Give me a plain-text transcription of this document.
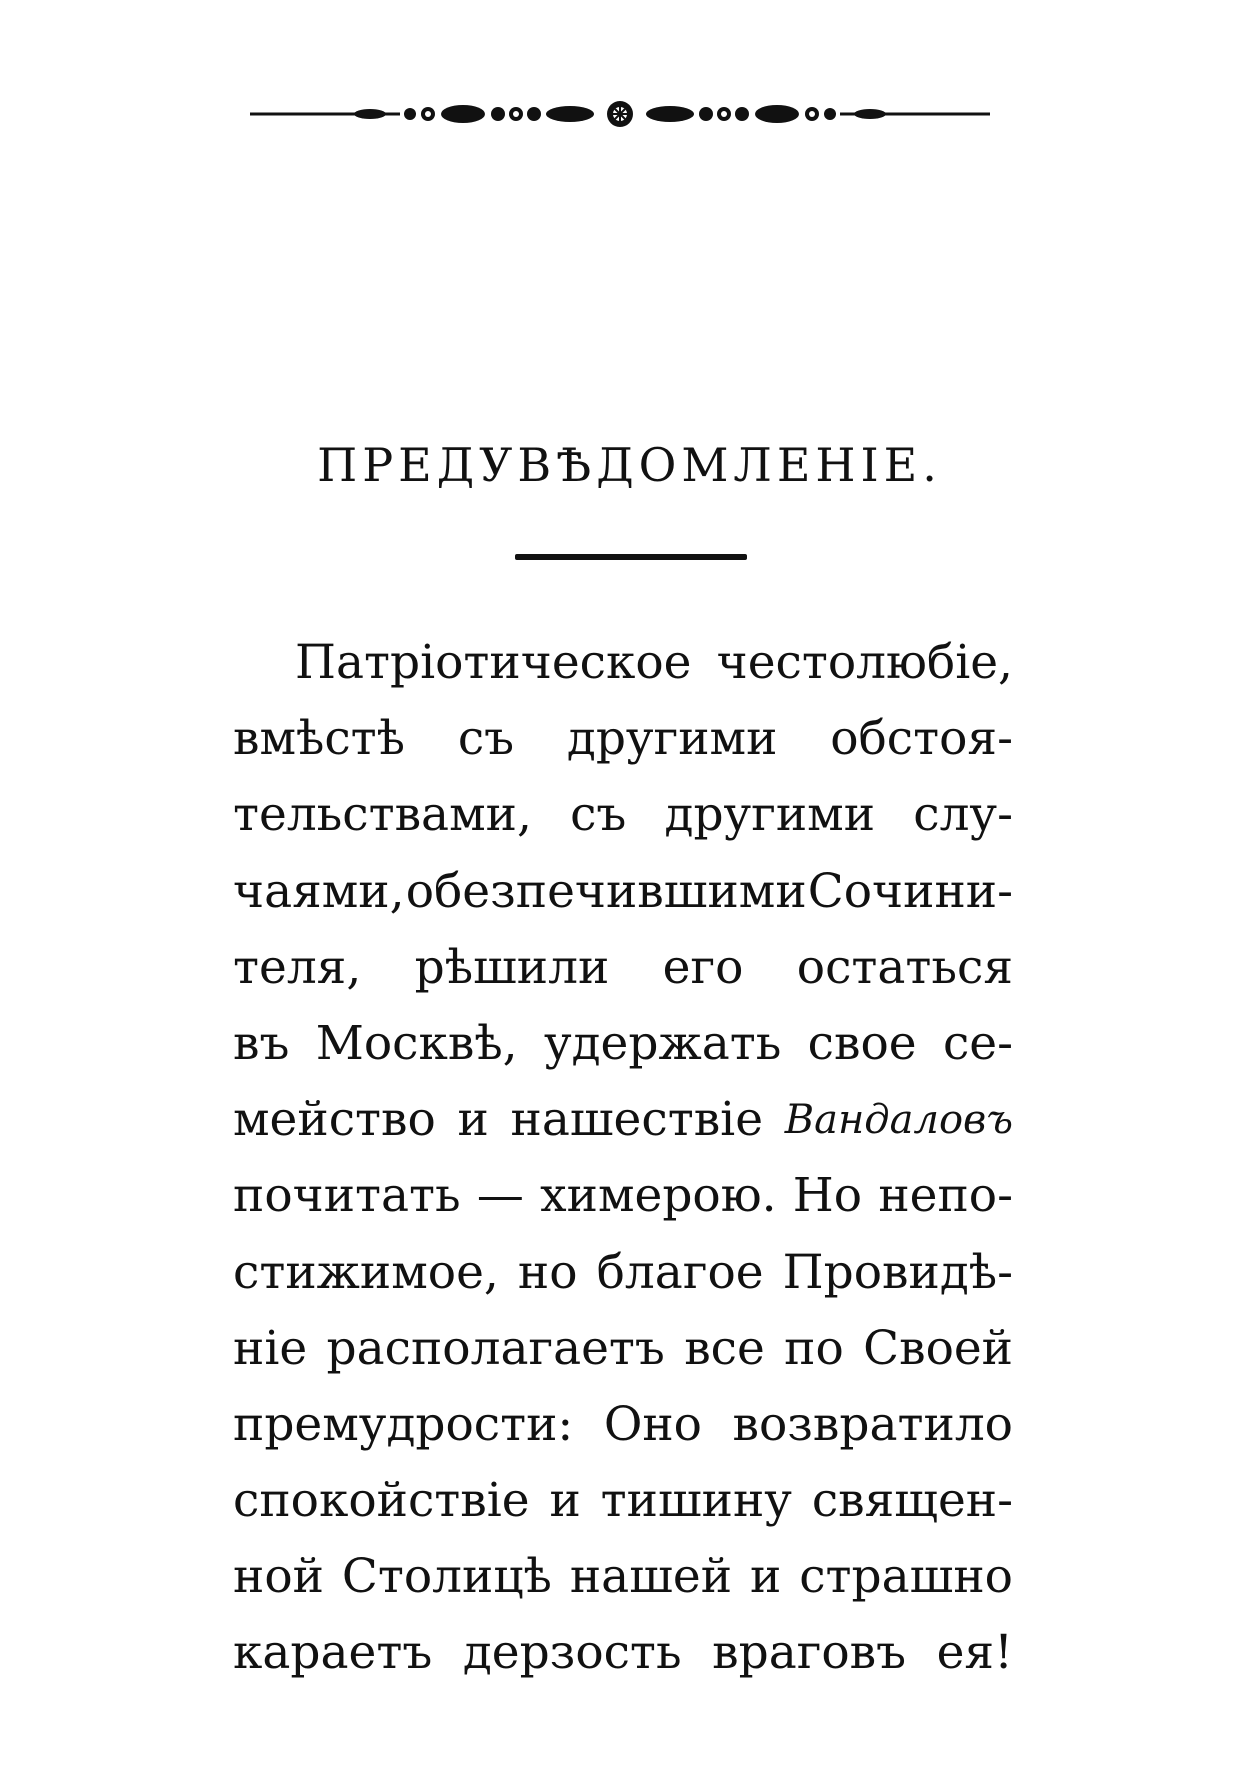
ПРЕДУВѢДОМЛЕНІЕ.
Патріотическое честолюбіе,
вмѣстѣ съ другими обстоя-
тельствами, съ другими слу-
чаями, обезпечившими Сочини-
теля, рѣшили его остаться
въ Москвѣ, удержать свое се-
мейство и нашествіе Вандаловъ
почитать — химерою. Но непо-
стижимое, но благое Провидѣ-
ніе располагаетъ все по Своей
премудрости: Оно возвратило
спокойствіе и тишину священ-
ной Столицѣ нашей и страшно
караетъ дерзость враговъ ея!
